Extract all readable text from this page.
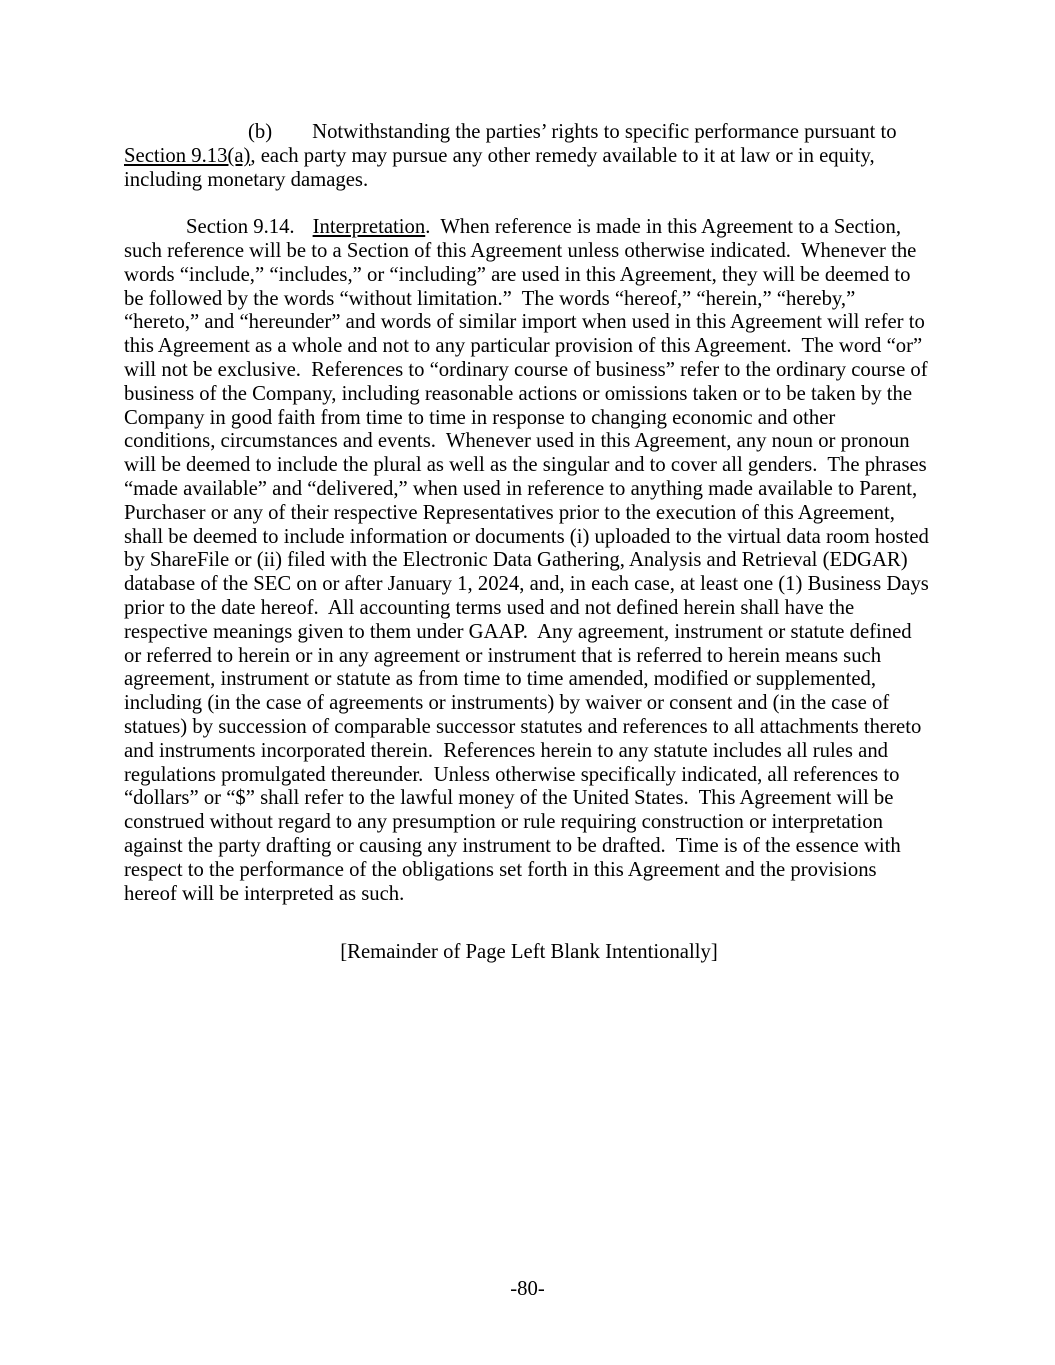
(b) Notwithstanding the parties’ rights to specific performance pursuant to
Section 9.13(a), each party may pursue any other remedy available to it at law or in equity,
including monetary damages.
Section 9.14. Interpretation.  When reference is made in this Agreement to a Section,
such reference will be to a Section of this Agreement unless otherwise indicated.  Whenever the
words “include,” “includes,” or “including” are used in this Agreement, they will be deemed to
be followed by the words “without limitation.”  The words “hereof,” “herein,” “hereby,”
“hereto,” and “hereunder” and words of similar import when used in this Agreement will refer to
this Agreement as a whole and not to any particular provision of this Agreement.  The word “or”
will not be exclusive.  References to “ordinary course of business” refer to the ordinary course of
business of the Company, including reasonable actions or omissions taken or to be taken by the
Company in good faith from time to time in response to changing economic and other
conditions, circumstances and events.  Whenever used in this Agreement, any noun or pronoun
will be deemed to include the plural as well as the singular and to cover all genders.  The phrases
“made available” and “delivered,” when used in reference to anything made available to Parent,
Purchaser or any of their respective Representatives prior to the execution of this Agreement,
shall be deemed to include information or documents (i) uploaded to the virtual data room hosted
by ShareFile or (ii) filed with the Electronic Data Gathering, Analysis and Retrieval (EDGAR)
database of the SEC on or after January 1, 2024, and, in each case, at least one (1) Business Days
prior to the date hereof.  All accounting terms used and not defined herein shall have the
respective meanings given to them under GAAP.  Any agreement, instrument or statute defined
or referred to herein or in any agreement or instrument that is referred to herein means such
agreement, instrument or statute as from time to time amended, modified or supplemented,
including (in the case of agreements or instruments) by waiver or consent and (in the case of
statues) by succession of comparable successor statutes and references to all attachments thereto
and instruments incorporated therein.  References herein to any statute includes all rules and
regulations promulgated thereunder.  Unless otherwise specifically indicated, all references to
“dollars” or “$” shall refer to the lawful money of the United States.  This Agreement will be
construed without regard to any presumption or rule requiring construction or interpretation
against the party drafting or causing any instrument to be drafted.  Time is of the essence with
respect to the performance of the obligations set forth in this Agreement and the provisions
hereof will be interpreted as such.
[Remainder of Page Left Blank Intentionally]
-80-
